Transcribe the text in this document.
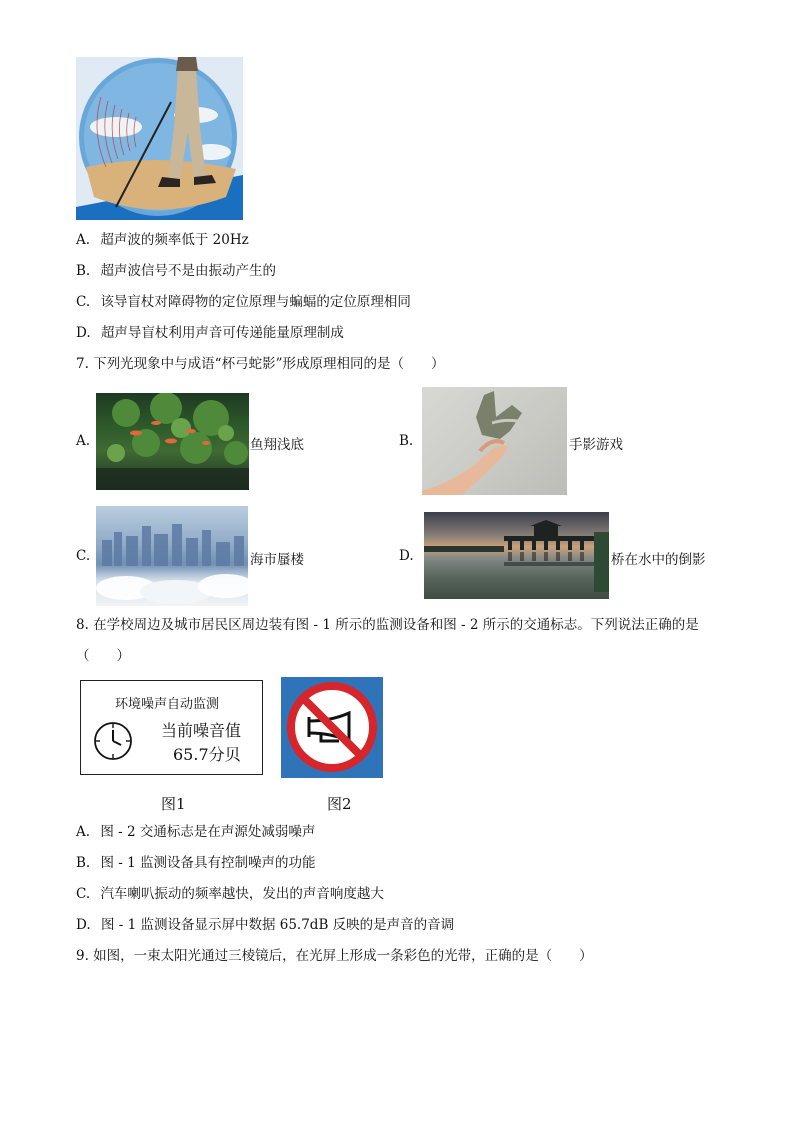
A. 超声波的频率低于 20Hz
B. 超声波信号不是由振动产生的
C. 该导盲杖对障碍物的定位原理与蝙蝠的定位原理相同
D. 超声导盲杖利用声音可传递能量原理制成
7. 下列光现象中与成语“杯弓蛇影”形成原理相同的是（　　）
A.	鱼翔浅底	B.	手影游戏
C.	海市蜃楼	D.	桥在水中的倒影
8. 在学校周边及城市居民区周边装有图 - 1 所示的监测设备和图 - 2 所示的交通标志。下列说法正确的是
（　　）
环境噪声自动监测
当前噪音值
65.7分贝
图1	图2
A. 图 - 2 交通标志是在声源处减弱噪声
B. 图 - 1 监测设备具有控制噪声的功能
C. 汽车喇叭振动的频率越快，发出的声音响度越大
D. 图 - 1 监测设备显示屏中数据 65.7dB 反映的是声音的音调
9. 如图，一束太阳光通过三棱镜后，在光屏上形成一条彩色的光带，正确的是（　　）
